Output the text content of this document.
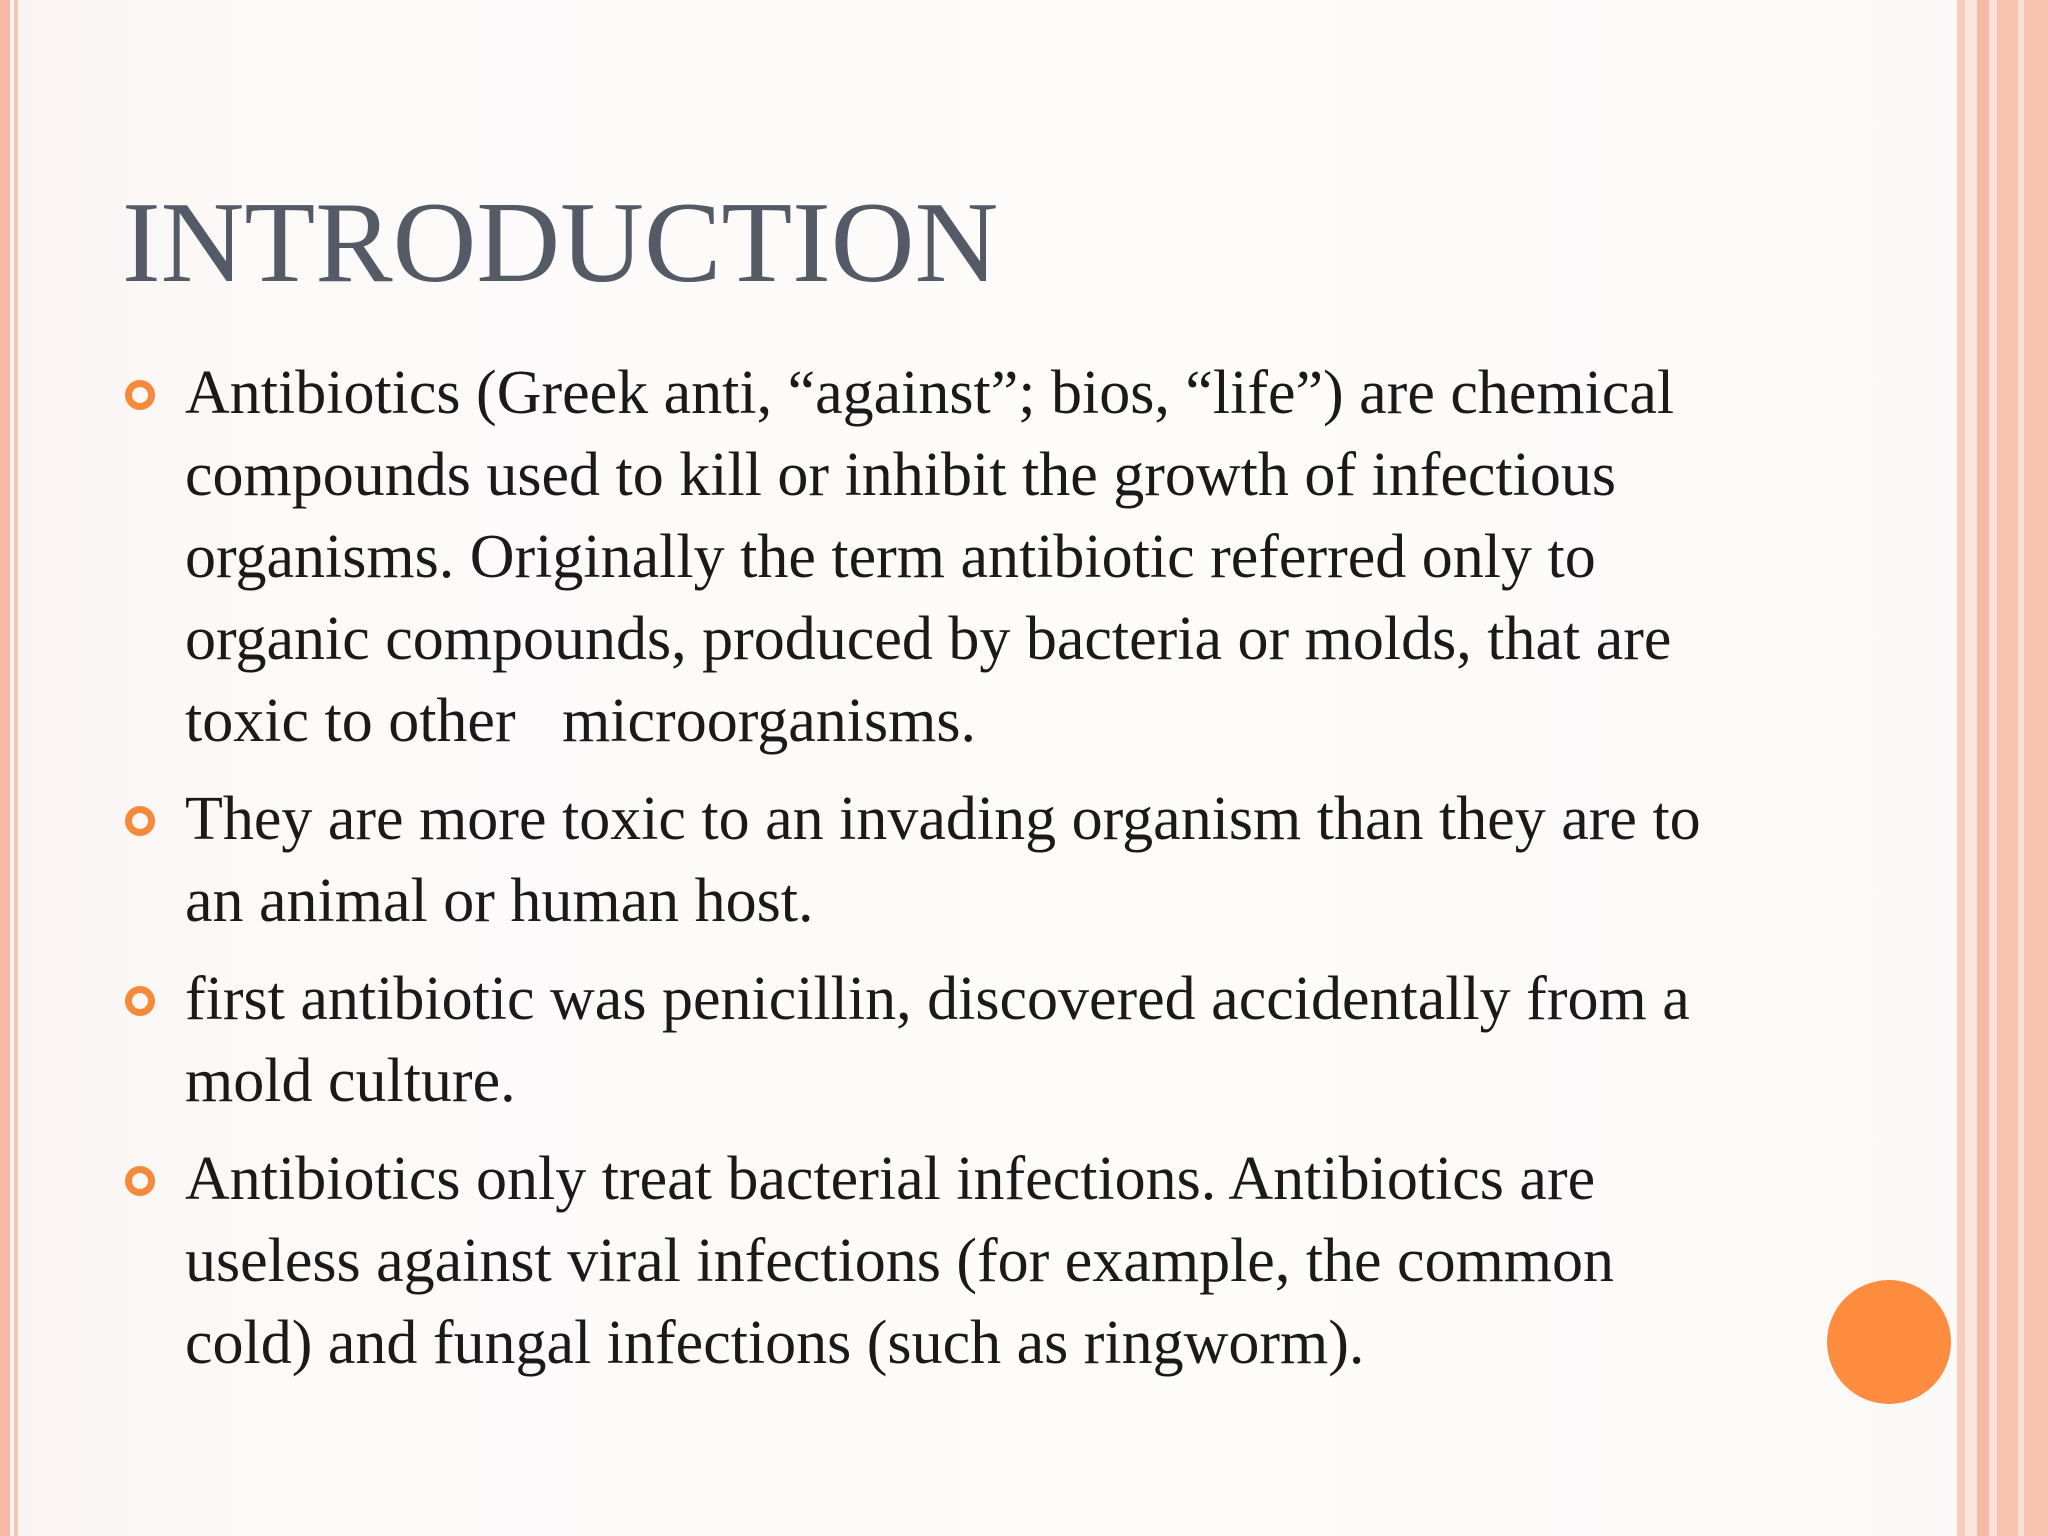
INTRODUCTION
Antibiotics (Greek anti, “against”; bios, “life”) are chemical
compounds used to kill or inhibit the growth of infectious
organisms. Originally the term antibiotic referred only to
organic compounds, produced by bacteria or molds, that are
toxic to other   microorganisms.
They are more toxic to an invading organism than they are to
an animal or human host.
first antibiotic was penicillin, discovered accidentally from a
mold culture.
Antibiotics only treat bacterial infections. Antibiotics are
useless against viral infections (for example, the common
cold) and fungal infections (such as ringworm).
